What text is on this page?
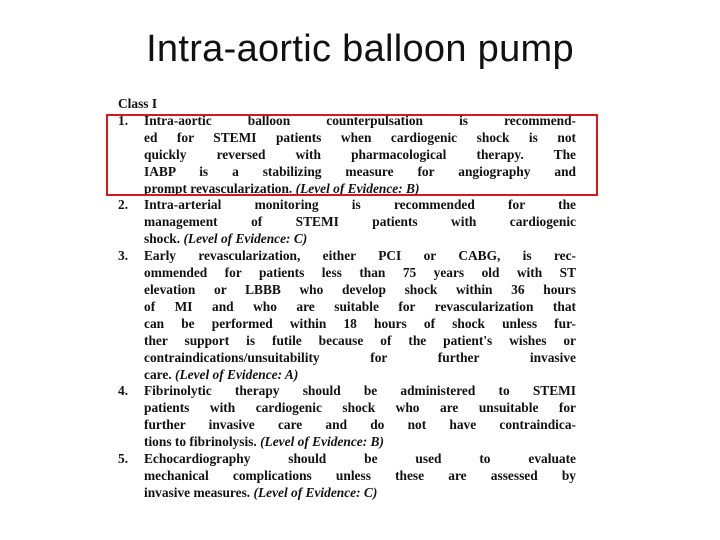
Intra-aortic balloon pump
Class I
1. Intra-aortic balloon counterpulsation is recommend-
ed for STEMI patients when cardiogenic shock is not
quickly reversed with pharmacological therapy. The
IABP is a stabilizing measure for angiography and
prompt revascularization. (Level of Evidence: B)
2. Intra-arterial monitoring is recommended for the
management of STEMI patients with cardiogenic
shock. (Level of Evidence: C)
3. Early revascularization, either PCI or CABG, is rec-
ommended for patients less than 75 years old with ST
elevation or LBBB who develop shock within 36 hours
of MI and who are suitable for revascularization that
can be performed within 18 hours of shock unless fur-
ther support is futile because of the patient's wishes or
contraindications/unsuitability for further invasive
care. (Level of Evidence: A)
4. Fibrinolytic therapy should be administered to STEMI
patients with cardiogenic shock who are unsuitable for
further invasive care and do not have contraindica-
tions to fibrinolysis. (Level of Evidence: B)
5. Echocardiography should be used to evaluate
mechanical complications unless these are assessed by
invasive measures. (Level of Evidence: C)
